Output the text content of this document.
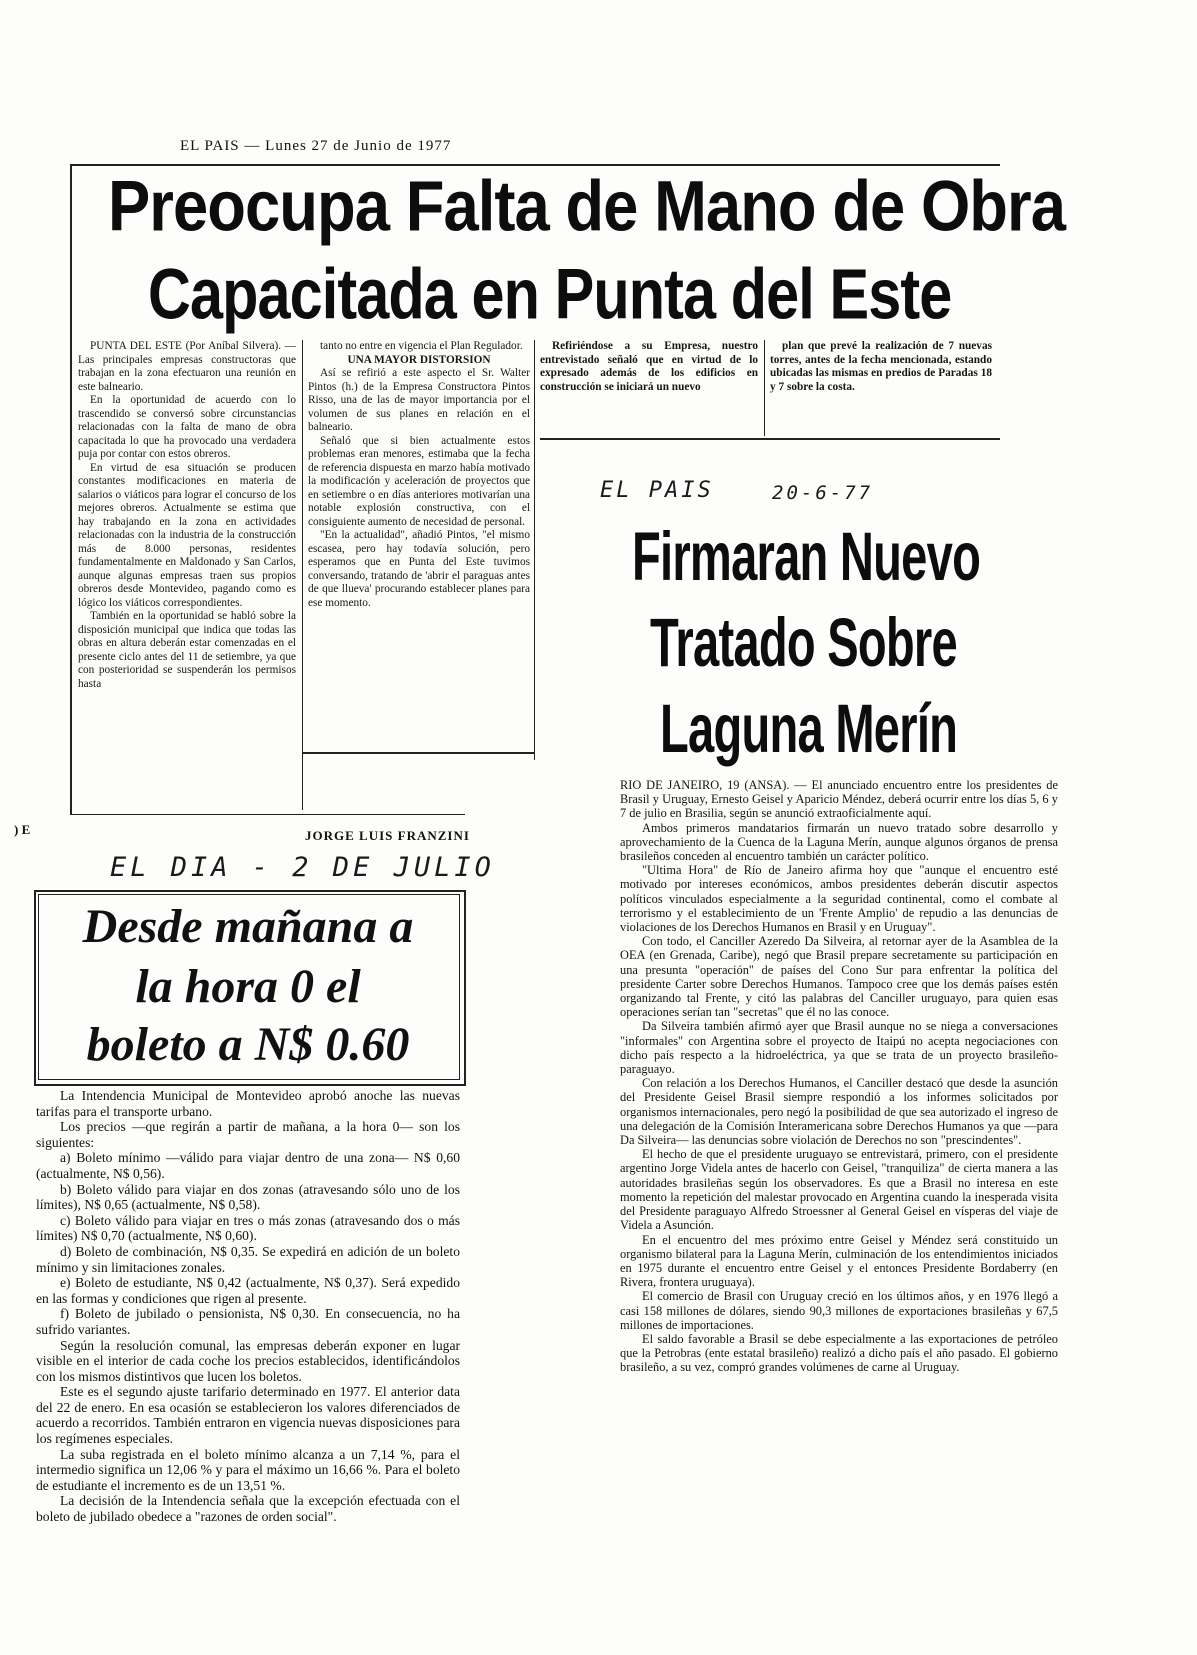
EL PAIS — Lunes 27 de Junio de 1977
Preocupa Falta de Mano de Obra
Capacitada en Punta del Este

PUNTA DEL ESTE (Por Aníbal Silvera). — Las principales empresas constructoras que trabajan en la zona efectuaron una reunión en este balneario.

En la oportunidad de acuerdo con lo trascendido se conversó sobre circunstancias relacionadas con la falta de mano de obra capacitada lo que ha provocado una verdadera puja por contar con estos obreros.

En virtud de esa situación se producen constantes modificaciones en materia de salarios o viáticos para lograr el concurso de los mejores obreros. Actualmente se estima que hay trabajando en la zona en actividades relacionadas con la industria de la construcción más de 8.000 personas, residentes fundamentalmente en Maldonado y San Carlos, aunque algunas empresas traen sus propios obreros desde Montevideo, pagando como es lógico los viáticos correspondientes.

También en la oportunidad se habló sobre la disposición municipal que indica que todas las obras en altura deberán estar comenzadas en el presente ciclo antes del 11 de setiembre, ya que con posterioridad se suspenderán los permisos hasta

tanto no entre en vigencia el Plan Regulador.

UNA MAYOR DISTORSION

Así se refirió a este aspecto el Sr. Walter Pintos (h.) de la Empresa Constructora Pintos Risso, una de las de mayor importancia por el volumen de sus planes en relación en el balneario.

Señaló que si bien actualmente estos problemas eran menores, estimaba que la fecha de referencia dispuesta en marzo había motivado la modificación y aceleración de proyectos que en setiembre o en días anteriores motivarían una notable explosión constructiva, con el consiguiente aumento de necesidad de personal.

"En la actualidad", añadió Pintos, "el mismo escasea, pero hay todavía solución, pero esperamos que en Punta del Este tuvimos conversando, tratando de 'abrir el paraguas antes de que llueva' procurando establecer planes para ese momento.

Refiriéndose a su Empresa, nuestro entrevistado señaló que en virtud de lo expresado además de los edificios en construcción se iniciará un nuevo

plan que prevé la realización de 7 nuevas torres, antes de la fecha mencionada, estando ubicadas las mismas en predios de Paradas 18 y 7 sobre la costa.

) E	JORGE LUIS FRANZINI
EL PAIS	20-6-77
Firmaran Nuevo
Tratado Sobre
Laguna Merín

RIO DE JANEIRO, 19 (ANSA). — El anunciado encuentro entre los presidentes de Brasil y Uruguay, Ernesto Geisel y Aparicio Méndez, deberá ocurrir entre los días 5, 6 y 7 de julio en Brasilia, según se anunció extraoficialmente aquí.

Ambos primeros mandatarios firmarán un nuevo tratado sobre desarrollo y aprovechamiento de la Cuenca de la Laguna Merín, aunque algunos órganos de prensa brasileños conceden al encuentro también un carácter político.

"Ultima Hora" de Río de Janeiro afirma hoy que "aunque el encuentro esté motivado por intereses económicos, ambos presidentes deberán discutir aspectos políticos vinculados especialmente a la seguridad continental, como el combate al terrorismo y el establecimiento de un 'Frente Amplio' de repudio a las denuncias de violaciones de los Derechos Humanos en Brasil y en Uruguay".

Con todo, el Canciller Azeredo Da Silveira, al retornar ayer de la Asamblea de la OEA (en Grenada, Caribe), negó que Brasil prepare secretamente su participación en una presunta "operación" de países del Cono Sur para enfrentar la política del presidente Carter sobre Derechos Humanos. Tampoco cree que los demás países estén organizando tal Frente, y citó las palabras del Canciller uruguayo, para quien esas operaciones serían tan "secretas" que él no las conoce.

Da Silveira también afirmó ayer que Brasil aunque no se niega a conversaciones "informales" con Argentina sobre el proyecto de Itaipú no acepta negociaciones con dicho país respecto a la hidroeléctrica, ya que se trata de un proyecto brasileño-paraguayo.

Con relación a los Derechos Humanos, el Canciller destacó que desde la asunción del Presidente Geisel Brasil siempre respondió a los informes solicitados por organismos internacionales, pero negó la posibilidad de que sea autorizado el ingreso de una delegación de la Comisión Interamericana sobre Derechos Humanos ya que —para Da Silveira— las denuncias sobre violación de Derechos no son "prescindentes".

El hecho de que el presidente uruguayo se entrevistará, primero, con el presidente argentino Jorge Videla antes de hacerlo con Geisel, "tranquiliza" de cierta manera a las autoridades brasileñas según los observadores. Es que a Brasil no interesa en este momento la repetición del malestar provocado en Argentina cuando la inesperada visita del Presidente paraguayo Alfredo Stroessner al General Geisel en vísperas del viaje de Videla a Asunción.

En el encuentro del mes próximo entre Geisel y Méndez será constituido un organismo bilateral para la Laguna Merín, culminación de los entendimientos iniciados en 1975 durante el encuentro entre Geisel y el entonces Presidente Bordaberry (en Rivera, frontera uruguaya).

El comercio de Brasil con Uruguay creció en los últimos años, y en 1976 llegó a casi 158 millones de dólares, siendo 90,3 millones de exportaciones brasileñas y 67,5 millones de importaciones.

El saldo favorable a Brasil se debe especialmente a las exportaciones de petróleo que la Petrobras (ente estatal brasileño) realizó a dicho país el año pasado. El gobierno brasileño, a su vez, compró grandes volúmenes de carne al Uruguay.

EL DIA - 2 DE JULIO
Desde mañana a
la hora 0 el
boleto a N$ 0.60

La Intendencia Municipal de Montevideo aprobó anoche las nuevas tarifas para el transporte urbano.

Los precios —que regirán a partir de mañana, a la hora 0— son los siguientes:

a) Boleto mínimo —válido para viajar dentro de una zona— N$ 0,60 (actualmente, N$ 0,56).

b) Boleto válido para viajar en dos zonas (atravesando sólo uno de los límites), N$ 0,65 (actualmente, N$ 0,58).

c) Boleto válido para viajar en tres o más zonas (atravesando dos o más límites) N$ 0,70 (actualmente, N$ 0,60).

d) Boleto de combinación, N$ 0,35. Se expedirá en adición de un boleto mínimo y sin limitaciones zonales.

e) Boleto de estudiante, N$ 0,42 (actualmente, N$ 0,37). Será expedido en las formas y condiciones que rigen al presente.

f) Boleto de jubilado o pensionista, N$ 0,30. En consecuencia, no ha sufrido variantes.

Según la resolución comunal, las empresas deberán exponer en lugar visible en el interior de cada coche los precios establecidos, identificándolos con los mismos distintivos que lucen los boletos.

Este es el segundo ajuste tarifario determinado en 1977. El anterior data del 22 de enero. En esa ocasión se establecieron los valores diferenciados de acuerdo a recorridos. También entraron en vigencia nuevas disposiciones para los regímenes especiales.

La suba registrada en el boleto mínimo alcanza a un 7,14 %, para el intermedio significa un 12,06 % y para el máximo un 16,66 %. Para el boleto de estudiante el incremento es de un 13,51 %.

La decisión de la Intendencia señala que la excepción efectuada con el boleto de jubilado obedece a "razones de orden social".
